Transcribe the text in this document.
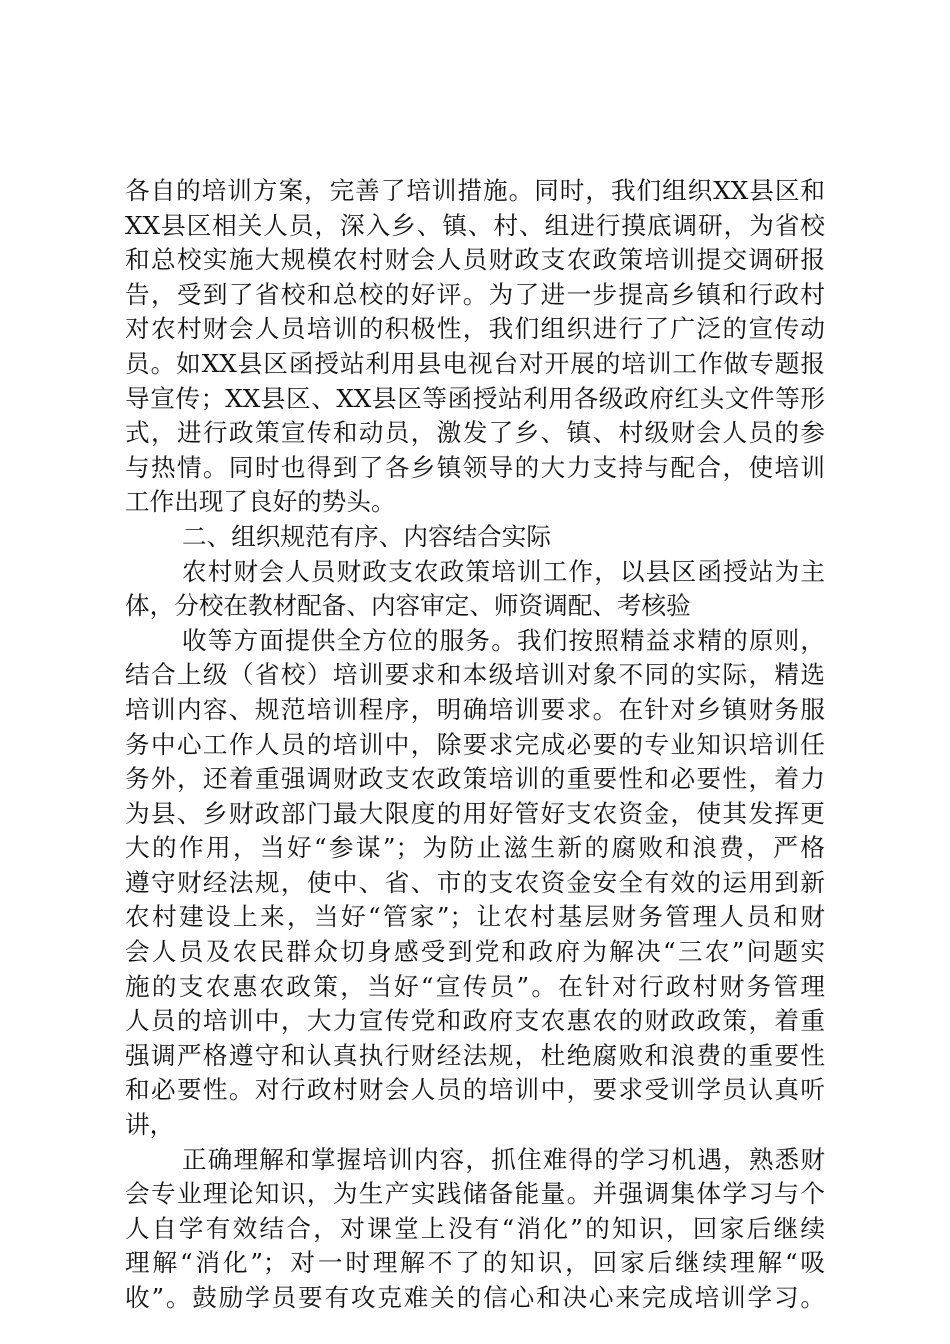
各自的培训方案，完善了培训措施。同时，我们组织XX县区和
XX县区相关人员，深入乡、镇、村、组进行摸底调研，为省校
和总校实施大规模农村财会人员财政支农政策培训提交调研报
告，受到了省校和总校的好评。为了进一步提高乡镇和行政村
对农村财会人员培训的积极性，我们组织进行了广泛的宣传动
员。如XX县区函授站利用县电视台对开展的培训工作做专题报
导宣传；XX县区、XX县区等函授站利用各级政府红头文件等形
式，进行政策宣传和动员，激发了乡、镇、村级财会人员的参
与热情。同时也得到了各乡镇领导的大力支持与配合，使培训
工作出现了良好的势头。
二、组织规范有序、内容结合实际
农村财会人员财政支农政策培训工作，以县区函授站为主
体，分校在教材配备、内容审定、师资调配、考核验
收等方面提供全方位的服务。我们按照精益求精的原则，
结合上级（省校）培训要求和本级培训对象不同的实际，精选
培训内容、规范培训程序，明确培训要求。在针对乡镇财务服
务中心工作人员的培训中，除要求完成必要的专业知识培训任
务外，还着重强调财政支农政策培训的重要性和必要性，着力
为县、乡财政部门最大限度的用好管好支农资金，使其发挥更
大的作用，当好“参谋”；为防止滋生新的腐败和浪费，严格
遵守财经法规，使中、省、市的支农资金安全有效的运用到新
农村建设上来，当好“管家”；让农村基层财务管理人员和财
会人员及农民群众切身感受到党和政府为解决“三农”问题实
施的支农惠农政策，当好“宣传员”。在针对行政村财务管理
人员的培训中，大力宣传党和政府支农惠农的财政政策，着重
强调严格遵守和认真执行财经法规，杜绝腐败和浪费的重要性
和必要性。对行政村财会人员的培训中，要求受训学员认真听
讲，
正确理解和掌握培训内容，抓住难得的学习机遇，熟悉财
会专业理论知识，为生产实践储备能量。并强调集体学习与个
人自学有效结合，对课堂上没有“消化”的知识，回家后继续
理解“消化”；对一时理解不了的知识，回家后继续理解“吸
收”。鼓励学员要有攻克难关的信心和决心来完成培训学习。
